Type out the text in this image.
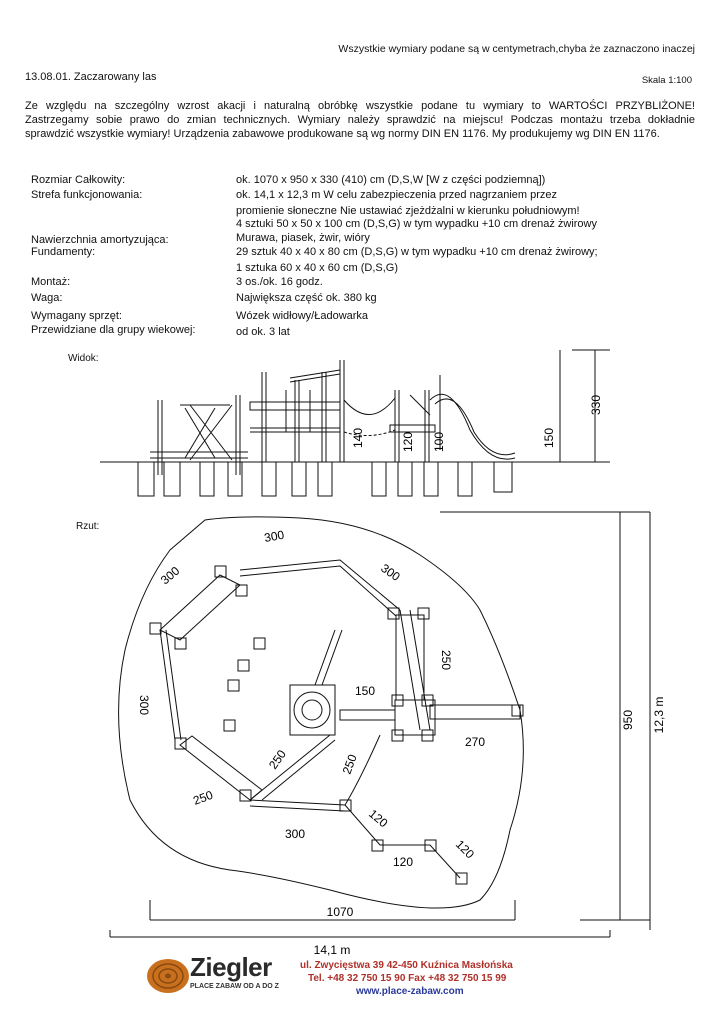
Wszystkie wymiary podane są w centymetrach,chyba że zaznaczono inaczej
13.08.01. Zaczarowany las	Skala 1:100

Ze względu na szczególny wzrost akacji i naturalną obróbkę wszystkie podane tu wymiary to WARTOŚCI PRZYBLIŻONE!

Zastrzegamy sobie prawo do zmian technicznych. Wymiary należy sprawdzić na miejscu! Podczas montażu trzeba dokładnie

sprawdzić wszystkie wymiary! Urządzenia zabawowe produkowane są wg normy DIN EN 1176. My produkujemy wg DIN EN 1176.

Rozmiar Całkowity:	ok. 1070 x 950 x 330 (410) cm (D,S,W [W z części podziemną])
Strefa funkcjonowania:	ok. 14,1 x 12,3 m W celu zabezpieczenia przed nagrzaniem przez
promienie słoneczne Nie ustawiać zjeżdżalni w kierunku południowym!
4 sztuki 50 x 50 x 100 cm (D,S,G) w tym wypadku +10 cm drenaż żwirowy
Nawierzchnia amortyzująca:	Murawa, piasek, żwir, wióry
Fundamenty:	29 sztuk 40 x 40 x 80 cm (D,S,G) w tym wypadku +10 cm drenaż żwirowy;
1 sztuka 60 x 40 x 60 cm (D,S,G)
Montaż:	3 os./ok. 16 godz.
Waga:	Największa część ok. 380 kg
Wymagany sprzęt:	Wózek widłowy/Ładowarka
Przewidziane dla grupy wiekowej:	od ok. 3 lat
Widok:
330
150
140	120 100
Rzut:
300
300	300
300
250
150
250
250	250
300
120
120
120
270
950 12,3 m
1070
14,1 m
Ziegler
PLACE ZABAW OD A DO Z
ul. Zwycięstwa 39 42-450 Kuźnica Masłońska
Tel. +48 32 750 15 90 Fax +48 32 750 15 99
www.place-zabaw.com
